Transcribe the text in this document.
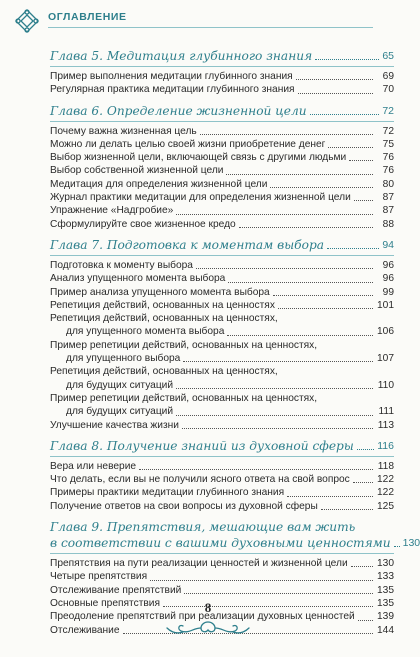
ОГЛАВЛЕНИЕ
Глава 5. Медитация глубинного знания	65
Пример выполнения медитации глубинного знания	69
Регулярная практика медитации глубинного знания	70
Глава 6. Определение жизненной цели	72
Почему важна жизненная цель	72
Можно ли делать целью своей жизни приобретение денег	75
Выбор жизненной цели, включающей связь с другими людьми	76
Выбор собственной жизненной цели	76
Медитация для определения жизненной цели	80
Журнал практики медитации для определения жизненной цели	87
Упражнение «Надгробие»	87
Сформулируйте свое жизненное кредо	88
Глава 7. Подготовка к моментам выбора	94
Подготовка к моменту выбора	96
Анализ упущенного момента выбора	96
Пример анализа упущенного момента выбора	99
Репетиция действий, основанных на ценностях	101
Репетиция действий, основанных на ценностях,
для упущенного момента выбора	106
Пример репетиции действий, основанных на ценностях,
для упущенного выбора	107
Репетиция действий, основанных на ценностях,
для будущих ситуаций	110
Пример репетиции действий, основанных на ценностях,
для будущих ситуаций	111
Улучшение качества жизни	113
Глава 8. Получение знаний из духовной сферы 116
Вера или неверие	118
Что делать, если вы не получили ясного ответа на свой вопрос	122
Примеры практики медитации глубинного знания	122
Получение ответов на свои вопросы из духовной сферы	125
Глава 9. Препятствия, мешающие вам жить
в соответствии с вашими духовными ценностями 130
Препятствия на пути реализации ценностей и жизненной цели	130
Четыре препятствия	133
Отслеживание препятствий	135
Основные препятствия	135
Преодоление препятствий при реализации духовных ценностей 139
Отслеживание	144
8
